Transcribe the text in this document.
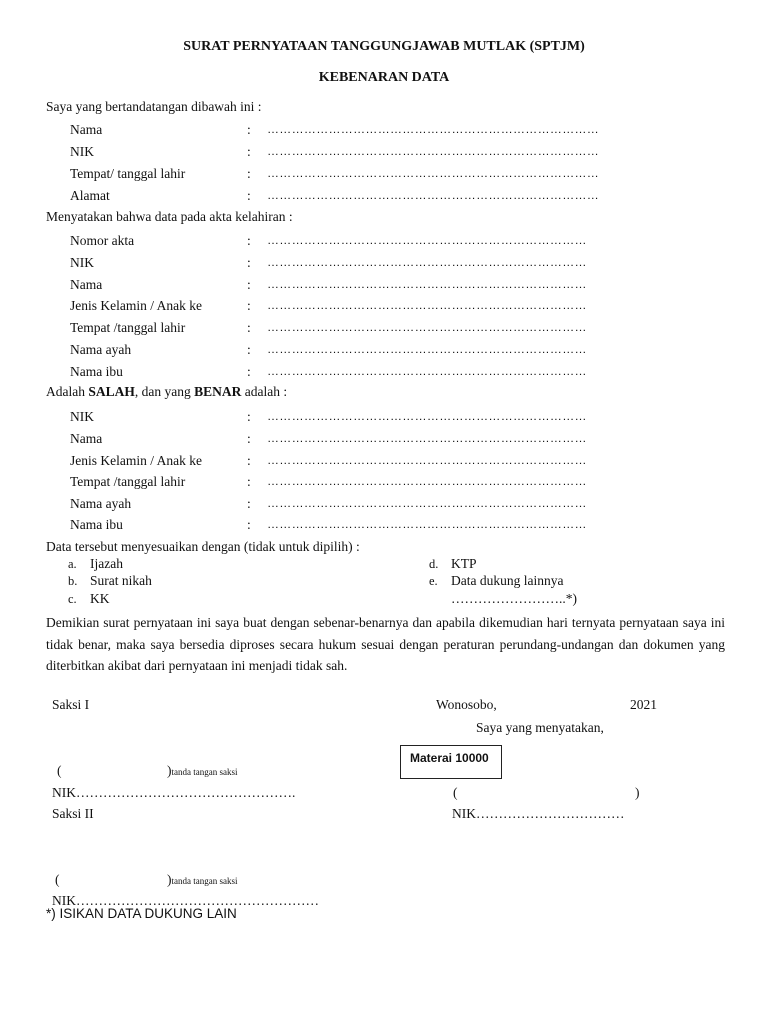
SURAT PERNYATAAN TANGGUNGJAWAB MUTLAK (SPTJM)
KEBENARAN DATA
Saya yang bertandatangan dibawah ini :
Nama	: ………………………………………………………………………
NIK	: ………………………………………………………………………
Tempat/ tanggal lahir	: ………………………………………………………………………
Alamat	: ………………………………………………………………………
Menyatakan bahwa data pada akta kelahiran :
Nomor akta	: ……………………………………………………………………
NIK	: ……………………………………………………………………
Nama	: ……………………………………………………………………
Jenis Kelamin / Anak ke	: ……………………………………………………………………
Tempat /tanggal lahir	: ……………………………………………………………………
Nama ayah	: ……………………………………………………………………
Nama ibu	: ……………………………………………………………………
Adalah SALAH, dan yang BENAR adalah :
NIK	: ……………………………………………………………………
Nama	: ……………………………………………………………………
Jenis Kelamin / Anak ke	: ……………………………………………………………………
Tempat /tanggal lahir	: ……………………………………………………………………
Nama ayah	: ……………………………………………………………………
Nama ibu	: ……………………………………………………………………
Data tersebut menyesuaikan dengan (tidak untuk dipilih) :
a. Ijazah
b. Surat nikah
c. KK
d. KTP
e. Data dukung lainnya
……………………..*)
Demikian surat pernyataan ini saya buat dengan sebenar-benarnya dan apabila dikemudian hari ternyata pernyataan saya ini tidak benar, maka saya bersedia diproses secara hukum sesuai dengan peraturan perundang-undangan dan dokumen yang diterbitkan akibat dari pernyataan ini menjadi tidak sah.
Saksi I	Wonosobo,	2021
Saya yang menyatakan,
Materai 10000
(	)tanda tangan saksi
NIK………………………………………….	(	)
Saksi II	NIK……………………………
(	)tanda tangan saksi
NIK………………………………………………
*) ISIKAN DATA DUKUNG LAIN
